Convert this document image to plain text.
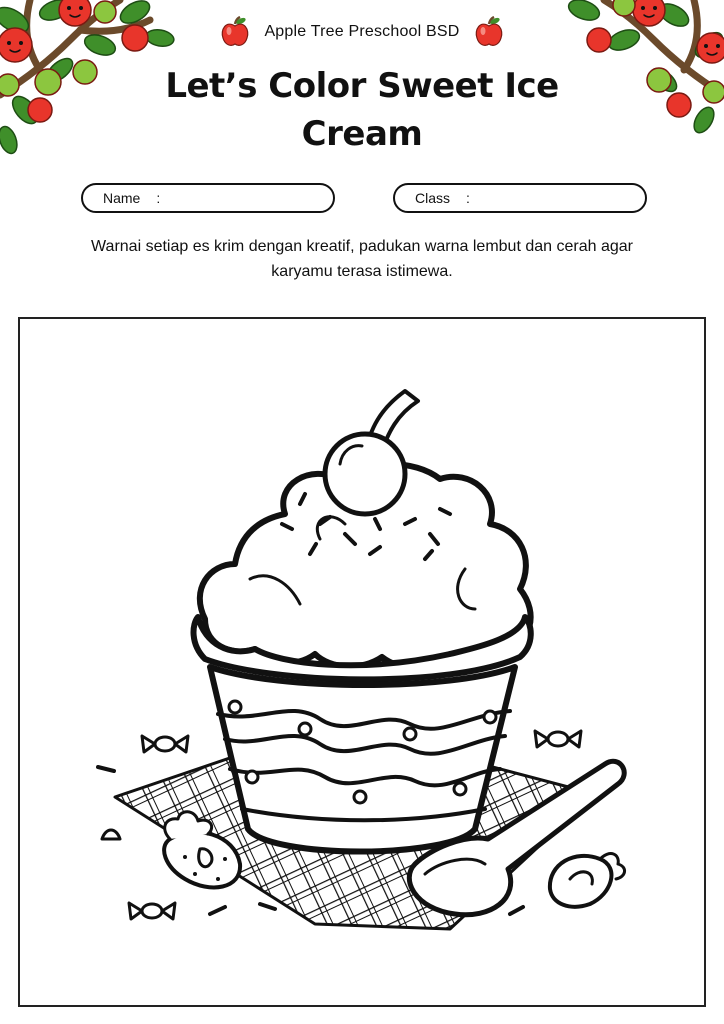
Apple Tree Preschool BSD
Let’s Color Sweet Ice Cream
Name :	Class :
Warnai setiap es krim dengan kreatif, padukan warna lembut dan cerah agar karyamu terasa istimewa.
